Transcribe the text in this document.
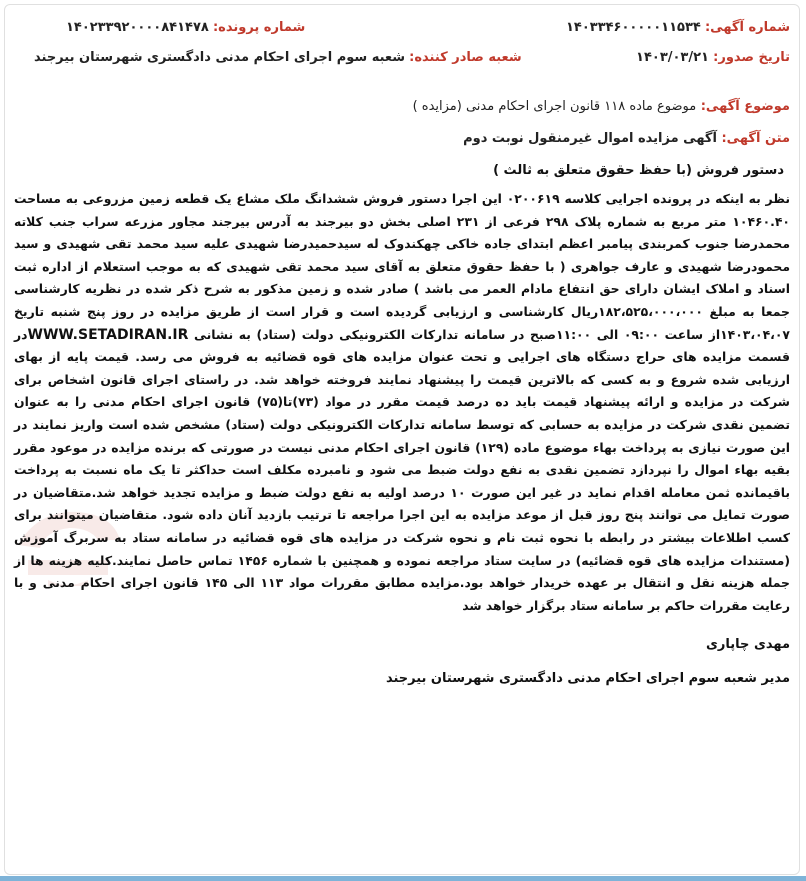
شماره آگهی: ۱۴۰۳۳۴۶۰۰۰۰۰۱۱۵۳۴
شماره پرونده: ۱۴۰۲۳۳۹۲۰۰۰۰۸۴۱۴۷۸
تاریخ صدور: ۱۴۰۳/۰۳/۲۱
شعبه صادر کننده: شعبه سوم اجرای احکام مدنی دادگستری شهرستان بیرجند
موضوع آگهی: موضوع ماده ۱۱۸ قانون اجرای احکام مدنی (مزایده )
متن آگهی: آگهی مزایده اموال غیرمنقول نوبت دوم
دستور فروش (با حفظ حقوق متعلق به ثالث )
نظر به اینکه در پرونده اجرایی کلاسه ۰۲۰۰۶۱۹ این اجرا دستور فروش ششدانگ ملک مشاع یک قطعه زمین مزروعی به مساحت ۱۰۴۶۰.۴۰ متر مربع به شماره پلاک ۲۹۸ فرعی از ۲۳۱ اصلی بخش دو بیرجند به آدرس بیرجند مجاور مزرعه سراب جنب کلاته محمدرضا جنوب کمربندی پیامبر اعظم ابتدای جاده خاکی چهکندوک له سیدحمیدرضا شهیدی علیه سید محمد تقی شهیدی و سید محمودرضا شهیدی و عارف جواهری ( با حفظ حقوق متعلق به آقای سید محمد تقی شهیدی که به موجب استعلام از اداره ثبت اسناد و املاک ایشان دارای حق انتفاع مادام العمر می باشد ) صادر شده و زمین مذکور به شرح ذکر شده در نظریه کارشناسی جمعا به مبلغ ۱۸۲،۵۲۵،۰۰۰،۰۰۰ریال کارشناسی و ارزیابی گردیده است و قرار است از طریق مزایده در روز پنج شنبه تاریخ ۱۴۰۳،۰۴،۰۷از ساعت ۰۹:۰۰ الی ۱۱:۰۰صبح در سامانه تدارکات الکترونیکی دولت (ستاد) به نشانی WWW.SETADIRAN.IRدر قسمت مزایده های حراج دستگاه های اجرایی و تحت عنوان مزایده های قوه قضائیه به فروش می رسد. قیمت پایه از بهای ارزیابی شده شروع و به کسی که بالاترین قیمت را پیشنهاد نمایند فروخته خواهد شد. در راستای اجرای قانون اشخاص برای شرکت در مزایده و ارائه پیشنهاد قیمت باید ده درصد قیمت مقرر در مواد (۷۳)تا(۷۵) قانون اجرای احکام مدنی را به عنوان تضمین نقدی شرکت در مزایده به حسابی که توسط سامانه تدارکات الکترونیکی دولت (ستاد) مشخص شده است واریز نمایند در این صورت نیازی به پرداخت بهاء موضوع ماده (۱۲۹) قانون اجرای احکام مدنی نیست در صورتی که برنده مزایده در موعود مقرر بقیه بهاء اموال را نپردازد تضمین نقدی به نفع دولت ضبط می شود و نامبرده مکلف است حداکثر تا یک ماه نسبت به پرداخت باقیمانده ثمن معامله اقدام نماید در غیر این صورت ۱۰ درصد اولیه به نفع دولت ضبط و مزایده تجدید خواهد شد.متقاضیان در صورت تمایل می توانند پنج روز قبل از موعد مزایده به این اجرا مراجعه تا ترتیب بازدید آنان داده شود. متقاضیان میتوانند برای کسب اطلاعات بیشتر در رابطه با نحوه ثبت نام و نحوه شرکت در مزایده های قوه قضائیه در سامانه ستاد به سربرگ آموزش (مستندات مزایده های قوه قضائیه) در سایت ستاد مراجعه نموده و همچنین با شماره ۱۴۵۶ تماس حاصل نمایند.کلیه هزینه ها از جمله هزینه نقل و انتقال بر عهده خریدار خواهد بود.مزایده مطابق مقررات مواد ۱۱۳ الی ۱۴۵ قانون اجرای احکام مدنی و با رعایت مقررات حاکم بر سامانه ستاد برگزار خواهد شد
مهدی چاپاری
مدیر شعبه سوم اجرای احکام مدنی دادگستری شهرستان بیرجند
